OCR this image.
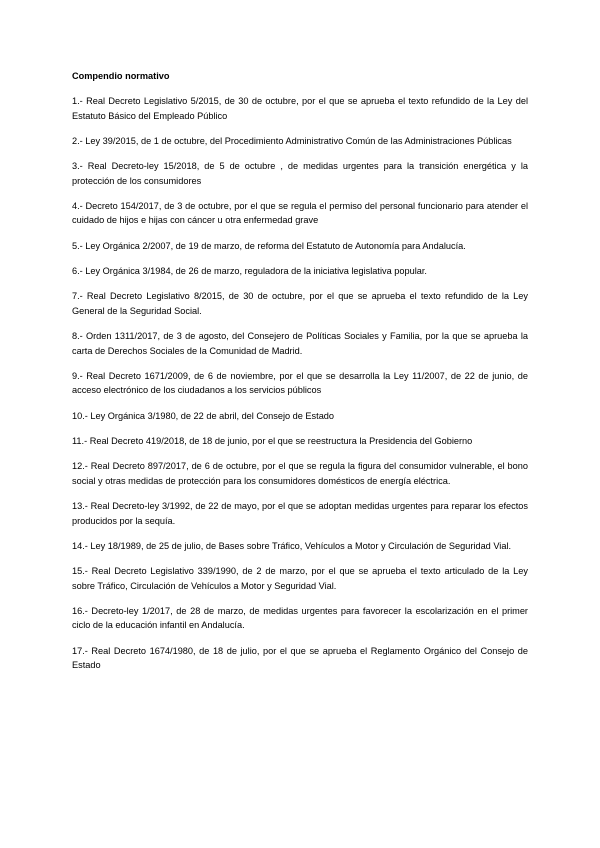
Compendio normativo
1.- Real Decreto Legislativo 5/2015, de 30 de octubre, por el que se aprueba el texto refundido de la Ley del Estatuto Básico del Empleado Público
2.- Ley 39/2015, de 1 de octubre, del Procedimiento Administrativo Común de las Administraciones Públicas
3.- Real Decreto-ley 15/2018, de 5 de octubre , de medidas urgentes para la transición energética y la protección de los consumidores
4.- Decreto 154/2017, de 3 de octubre, por el que se regula el permiso del personal funcionario para atender el cuidado de hijos e hijas con cáncer u otra enfermedad grave
5.- Ley Orgánica 2/2007, de 19 de marzo, de reforma del Estatuto de Autonomía para Andalucía.
6.- Ley Orgánica 3/1984, de 26 de marzo, reguladora de la iniciativa legislativa popular.
7.- Real Decreto Legislativo 8/2015, de 30 de octubre, por el que se aprueba el texto refundido de la Ley General de la Seguridad Social.
8.- Orden 1311/2017, de 3 de agosto, del Consejero de Políticas Sociales y Familia, por la que se aprueba la carta de Derechos Sociales de la Comunidad de Madrid.
9.- Real Decreto 1671/2009, de 6 de noviembre, por el que se desarrolla la Ley 11/2007, de 22 de junio, de acceso electrónico de los ciudadanos a los servicios públicos
10.- Ley Orgánica 3/1980, de 22 de abril, del Consejo de Estado
11.- Real Decreto 419/2018, de 18 de junio, por el que se reestructura la Presidencia del Gobierno
12.- Real Decreto 897/2017, de 6 de octubre, por el que se regula la figura del consumidor vulnerable, el bono social y otras medidas de protección para los consumidores domésticos de energía eléctrica.
13.- Real Decreto-ley 3/1992, de 22 de mayo, por el que se adoptan medidas urgentes para reparar los efectos producidos por la sequía.
14.- Ley 18/1989, de 25 de julio, de Bases sobre Tráfico, Vehículos a Motor y Circulación de Seguridad Vial.
15.- Real Decreto Legislativo 339/1990, de 2 de marzo, por el que se aprueba el texto articulado de la Ley sobre Tráfico, Circulación de Vehículos a Motor y Seguridad Vial.
16.- Decreto-ley 1/2017, de 28 de marzo, de medidas urgentes para favorecer la escolarización en el primer ciclo de la educación infantil en Andalucía.
17.- Real Decreto 1674/1980, de 18 de julio, por el que se aprueba el Reglamento Orgánico del Consejo de Estado
